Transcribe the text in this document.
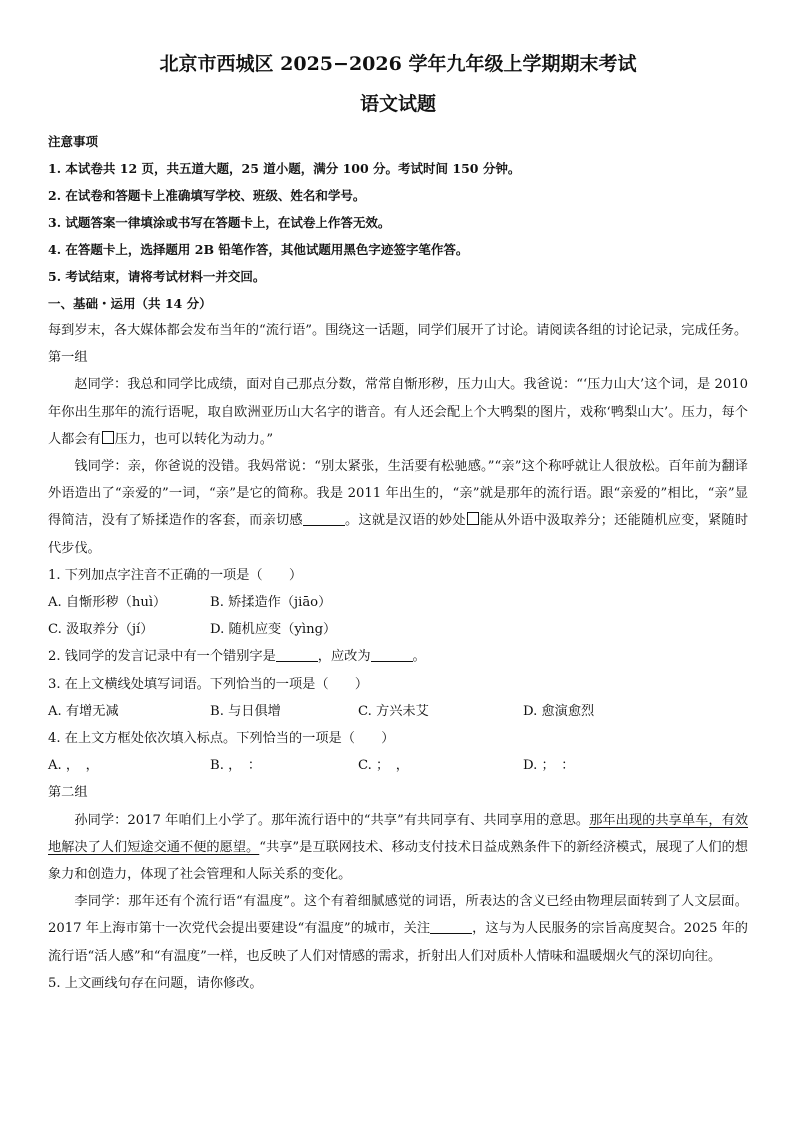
北京市西城区 2025−2026 学年九年级上学期期末考试
语文试题
注意事项
1. 本试卷共 12 页，共五道大题，25 道小题，满分 100 分。考试时间 150 分钟。
2. 在试卷和答题卡上准确填写学校、班级、姓名和学号。
3. 试题答案一律填涂或书写在答题卡上，在试卷上作答无效。
4. 在答题卡上，选择题用 2B 铅笔作答，其他试题用黑色字迹签字笔作答。
5. 考试结束，请将考试材料一并交回。
一、基础・运用（共 14 分）

每到岁末，各大媒体都会发布当年的“流行语”。围绕这一话题，同学们展开了讨论。请阅读各组的讨论记录，完成任务。

第一组

赵同学：我总和同学比成绩，面对自己那点分数，常常自惭形秽，压力山大。我爸说：“‘压力山大’这个词，是 2010 年你出生那年的流行语呢，取自欧洲亚历山大名字的谐音。有人还会配上个大鸭梨的图片，戏称‘鸭梨山大’。压力，每个人都会有 压力，也可以转化为动力。”

钱同学：亲，你爸说的没错。我妈常说：“别太紧张，生活要有松驰感。”“亲”这个称呼就让人很放松。百年前为翻译外语造出了“亲爱的”一词，“亲”是它的简称。我是 2011 年出生的，“亲”就是那年的流行语。跟“亲爱的”相比，“亲”显得简洁，没有了矫揉造作的客套，而亲切感	。这就是汉语的妙处 能从外语中汲取养分；还能随机应变，紧随时代步伐。

1. 下列加点字注音不正确的一项是（　　）

A. 自惭形秽（huì）	B. 矫揉造作（jiāo）
C. 汲取养分（jí）	D. 随机应变（yìng）

2. 钱同学的发言记录中有一个错别字是	，应改为	。

3. 在上文横线处填写词语。下列恰当的一项是（　　）

A. 有增无减	B. 与日俱增	C. 方兴未艾	D. 愈演愈烈

4. 在上文方框处依次填入标点。下列恰当的一项是（　　）

A. ，　，	B. ，　：	C. ；　，	D. ；　：

第二组

孙同学：2017 年咱们上小学了。那年流行语中的“共享”有共同享有、共同享用的意思。那年出现的共享单车，有效地解决了人们短途交通不便的愿望。“共享”是互联网技术、移动支付技术日益成熟条件下的新经济模式，展现了人们的想象力和创造力，体现了社会管理和人际关系的变化。

李同学：那年还有个流行语“有温度”。这个有着细腻感觉的词语，所表达的含义已经由物理层面转到了人文层面。2017 年上海市第十一次党代会提出要建设“有温度”的城市，关注	，这与为人民服务的宗旨高度契合。2025 年的流行语“活人感”和“有温度”一样，也反映了人们对情感的需求，折射出人们对质朴人情味和温暖烟火气的深切向往。

5. 上文画线句存在问题，请你修改。
